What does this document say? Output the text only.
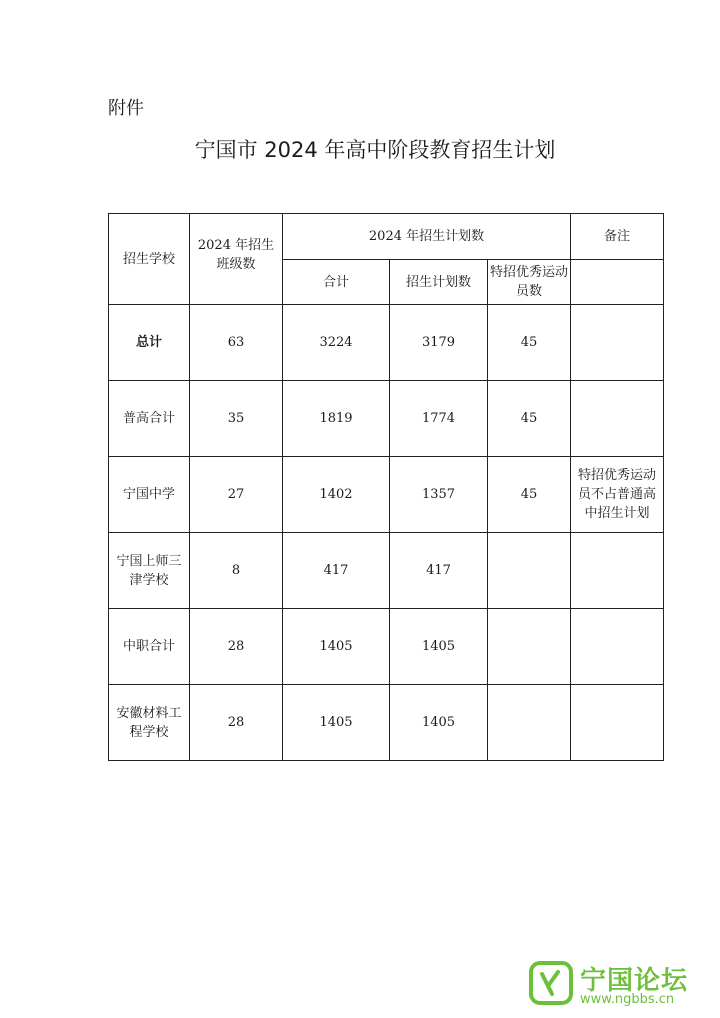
附件
宁国市 2024 年高中阶段教育招生计划
招生学校	2024 年招生班级数	2024 年招生计划数			备注
		合计	招生计划数	特招优秀运动员数	
总计	63	3224	3179	45	
普高合计	35	1819	1774	45	
宁国中学	27	1402	1357	45	特招优秀运动员不占普通高中招生计划
宁国上师三津学校	8	417	417		
中职合计	28	1405	1405		
安徽材料工程学校	28	1405	1405		
宁国论坛
www.ngbbs.cn
